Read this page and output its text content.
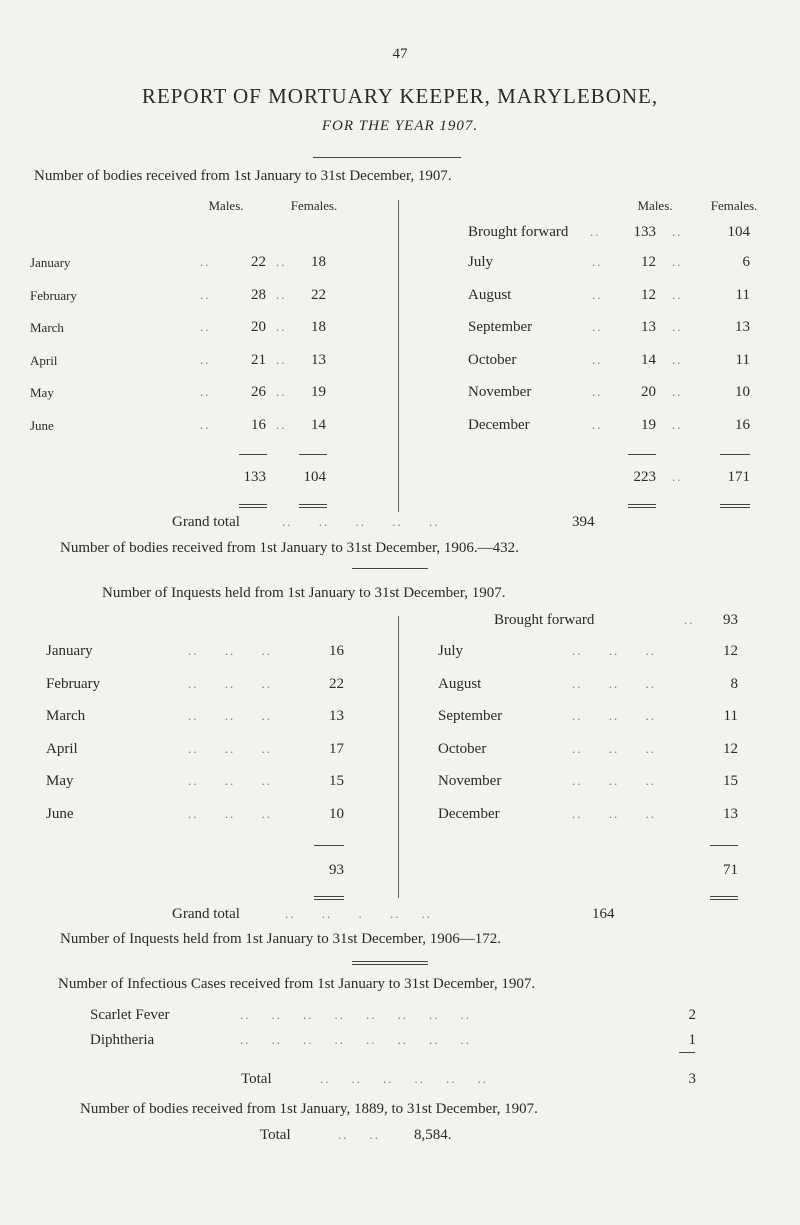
47
REPORT OF MORTUARY KEEPER, MARYLEBONE,
FOR THE YEAR 1907.
Number of bodies received from 1st January to 31st December, 1907.
Males.	Females.	Males.	Females.
Brought forward ..	133 ..	104
January	..	22 ..	18
February	..	28 ..	22
March	..	20 ..	18
April	..	21 ..	13
May	..	26 ..	19
June	..	16 ..	14
July	..	12 ..	6
August	..	12 ..	11
September	..	13 ..	13
October	..	14 ..	11
November	..	20 ..	10
December	..	19 ..	16
133	104	223 ..	171
Grand total	..     ..     ..     ..     ..	394
Number of bodies received from 1st January to 31st December, 1906.—432.
Number of Inquests held from 1st January to 31st December, 1907.
Brought forward	..	93
January	..     ..     ..	16
February	..     ..     ..	22
March	..     ..     ..	13
April	..     ..     ..	17
May	..     ..     ..	15
June	..     ..     ..	10
July	..     ..     ..	12
August	..     ..     ..	8
September	..     ..     ..	11
October	..     ..     ..	12
November	..     ..     ..	15
December	..     ..     ..	13
93	71
Grand total	..     ..     .     ..    ..	164
Number of Inquests held from 1st January to 31st December, 1906—172.
Number of Infectious Cases received from 1st January to 31st December, 1907.
Scarlet Fever	..    ..    ..    ..    ..    ..    ..    ..	2
Diphtheria	..    ..    ..    ..    ..    ..    ..    ..	1
Total	..    ..    ..    ..    ..    ..	3
Number of bodies received from 1st January, 1889, to 31st December, 1907.
Total	..    .. 8,584.
